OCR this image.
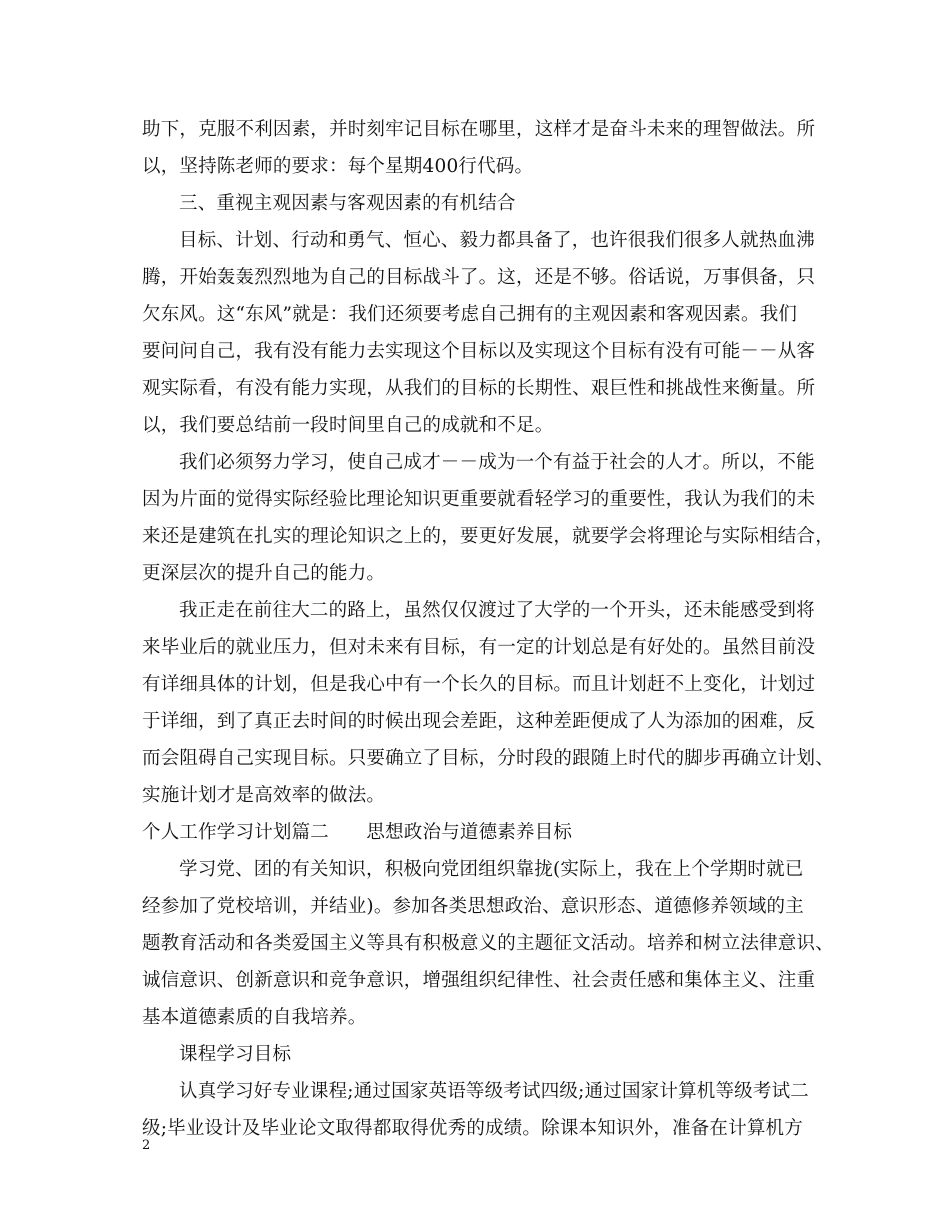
助下，克服不利因素，并时刻牢记目标在哪里，这样才是奋斗未来的理智做法。所
以，坚持陈老师的要求：每个星期400行代码。
三、重视主观因素与客观因素的有机结合
目标、计划、行动和勇气、恒心、毅力都具备了，也许很我们很多人就热血沸
腾，开始轰轰烈烈地为自己的目标战斗了。这，还是不够。俗话说，万事俱备，只
欠东风。这“东风”就是：我们还须要考虑自己拥有的主观因素和客观因素。我们
要问问自己，我有没有能力去实现这个目标以及实现这个目标有没有可能－－从客
观实际看，有没有能力实现，从我们的目标的长期性、艰巨性和挑战性来衡量。所
以，我们要总结前一段时间里自己的成就和不足。
我们必须努力学习，使自己成才－－成为一个有益于社会的人才。所以，不能
因为片面的觉得实际经验比理论知识更重要就看轻学习的重要性，我认为我们的未
来还是建筑在扎实的理论知识之上的，要更好发展，就要学会将理论与实际相结合，
更深层次的提升自己的能力。
我正走在前往大二的路上，虽然仅仅渡过了大学的一个开头，还未能感受到将
来毕业后的就业压力，但对未来有目标，有一定的计划总是有好处的。虽然目前没
有详细具体的计划，但是我心中有一个长久的目标。而且计划赶不上变化，计划过
于详细，到了真正去时间的时候出现会差距，这种差距便成了人为添加的困难，反
而会阻碍自己实现目标。只要确立了目标，分时段的跟随上时代的脚步再确立计划、
实施计划才是高效率的做法。
个人工作学习计划篇二　　思想政治与道德素养目标
学习党、团的有关知识，积极向党团组织靠拢(实际上，我在上个学期时就已
经参加了党校培训，并结业)。参加各类思想政治、意识形态、道德修养领域的主
题教育活动和各类爱国主义等具有积极意义的主题征文活动。培养和树立法律意识、
诚信意识、创新意识和竞争意识，增强组织纪律性、社会责任感和集体主义、注重
基本道德素质的自我培养。
课程学习目标
认真学习好专业课程;通过国家英语等级考试四级;通过国家计算机等级考试二
级;毕业设计及毕业论文取得都取得优秀的成绩。除课本知识外，准备在计算机方
2
